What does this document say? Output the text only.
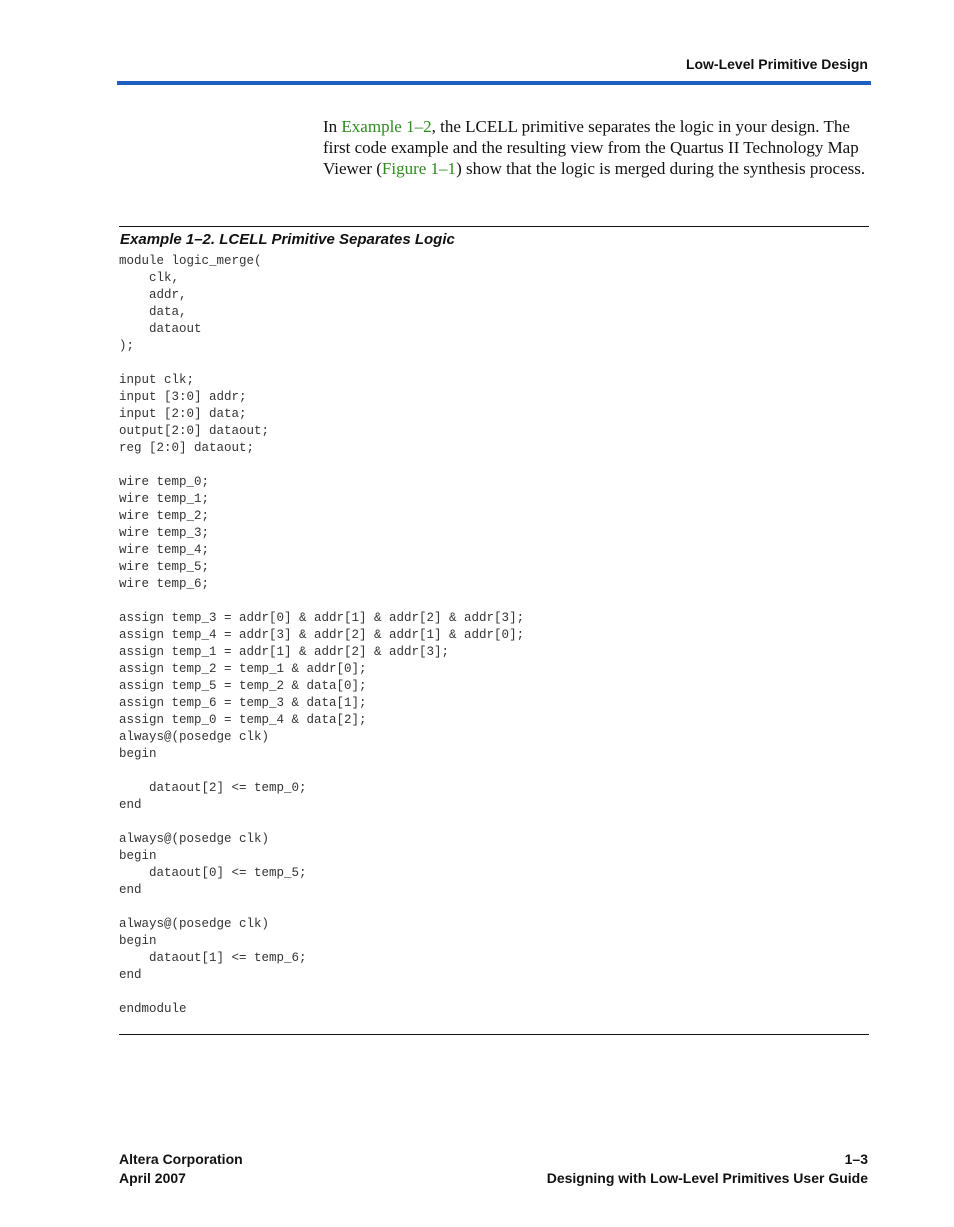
Low-Level Primitive Design
In Example 1–2, the LCELL primitive separates the logic in your design. The first code example and the resulting view from the Quartus II Technology Map Viewer (Figure 1–1) show that the logic is merged during the synthesis process.
Example 1–2. LCELL Primitive Separates Logic
module logic_merge(
clk,
addr,
data,
dataout
);

input clk;
input [3:0] addr;
input [2:0] data;
output[2:0] dataout;
reg [2:0] dataout;

wire temp_0;
wire temp_1;
wire temp_2;
wire temp_3;
wire temp_4;
wire temp_5;
wire temp_6;

assign temp_3 = addr[0] & addr[1] & addr[2] & addr[3];
assign temp_4 = addr[3] & addr[2] & addr[1] & addr[0];
assign temp_1 = addr[1] & addr[2] & addr[3];
assign temp_2 = temp_1 & addr[0];
assign temp_5 = temp_2 & data[0];
assign temp_6 = temp_3 & data[1];
assign temp_0 = temp_4 & data[2];
always@(posedge clk)
begin

dataout[2] <= temp_0;
end

always@(posedge clk)
begin
dataout[0] <= temp_5;
end

always@(posedge clk)
begin
dataout[1] <= temp_6;
end

endmodule
Altera Corporation
April 2007
1–3
Designing with Low-Level Primitives User Guide
